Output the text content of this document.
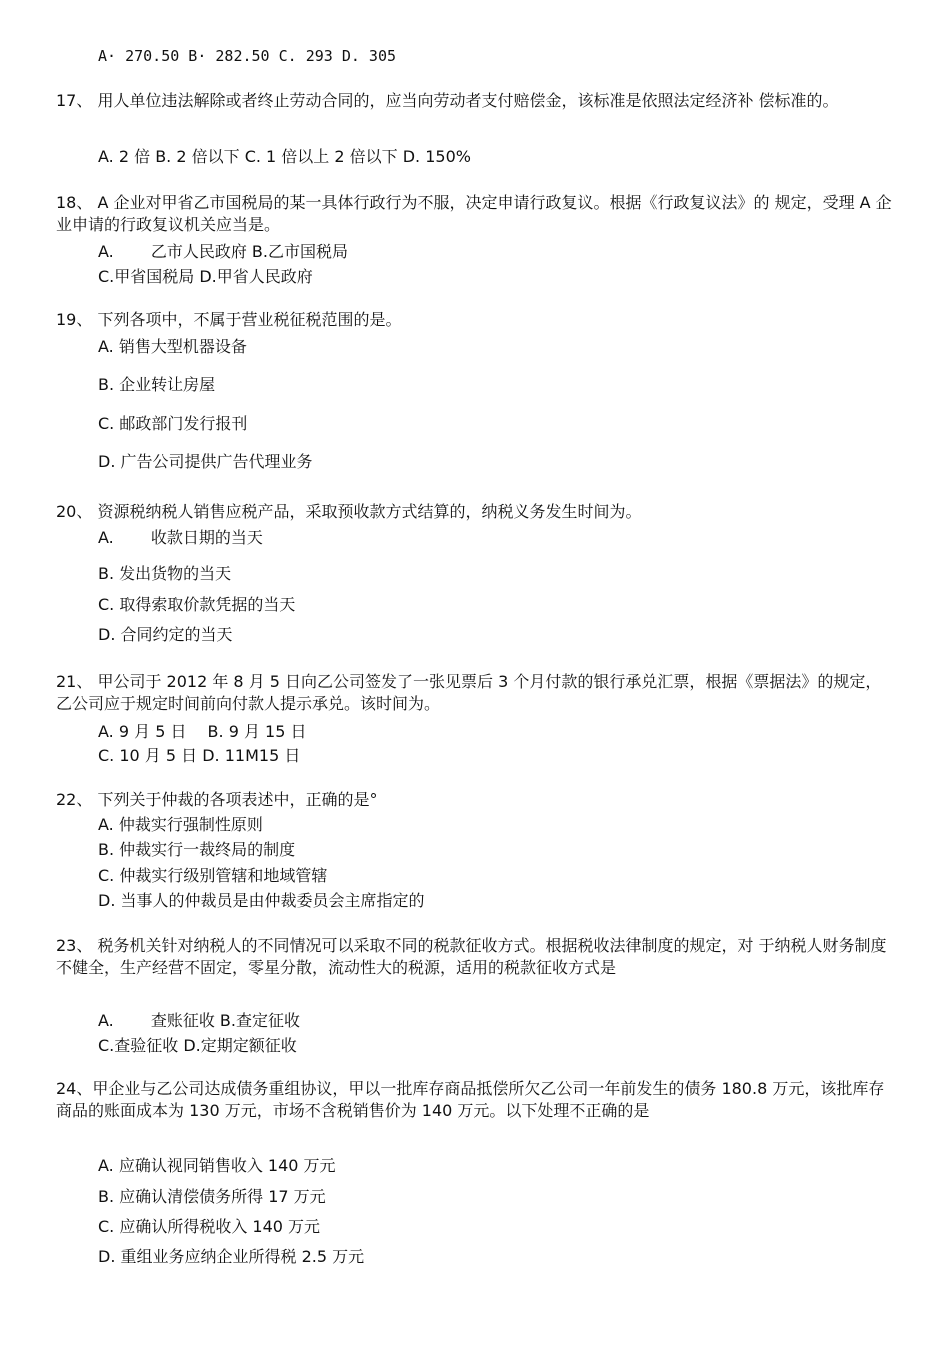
A· 270.50 B· 282.50 C. 293 D. 305
17、 用人单位违法解除或者终止劳动合同的，应当向劳动者支付赔偿金，该标准是依照法定经济补 偿标准的。
A. 2 倍 B. 2 倍以下 C. 1 倍以上 2 倍以下 D. 150%
18、 A 企业对甲省乙市国税局的某一具体行政行为不服，决定申请行政复议。根据《行政复议法》的 规定，受理 A 企业申请的行政复议机关应当是。
A.　　 乙市人民政府 B.乙市国税局
C.甲省国税局 D.甲省人民政府
19、 下列各项中，不属于营业税征税范围的是。
A. 销售大型机器设备
B. 企业转让房屋
C. 邮政部门发行报刊
D. 广告公司提供广告代理业务
20、 资源税纳税人销售应税产品，采取预收款方式结算的，纳税义务发生时间为。
A.　　 收款日期的当天
B. 发出货物的当天
C. 取得索取价款凭据的当天
D. 合同约定的当天
21、 甲公司于 2012 年 8 月 5 日向乙公司签发了一张见票后 3 个月付款的银行承兑汇票，根据《票据法》的规定，乙公司应于规定时间前向付款人提示承兑。该时间为。
A. 9 月 5 日　 B. 9 月 15 日
C. 10 月 5 日 D. 11M15 日
22、 下列关于仲裁的各项表述中，正确的是°
A. 仲裁实行强制性原则
B. 仲裁实行一裁终局的制度
C. 仲裁实行级别管辖和地域管辖
D. 当事人的仲裁员是由仲裁委员会主席指定的
23、 税务机关针对纳税人的不同情况可以采取不同的税款征收方式。根据税收法律制度的规定，对 于纳税人财务制度不健全，生产经营不固定，零星分散，流动性大的税源，适用的税款征收方式是
A.　　 查账征收 B.查定征收
C.查验征收 D.定期定额征收
24、甲企业与乙公司达成债务重组协议，甲以一批库存商品抵偿所欠乙公司一年前发生的债务 180.8 万元，该批库存商品的账面成本为 130 万元，市场不含税销售价为 140 万元。以下处理不正确的是
A. 应确认视同销售收入 140 万元
B. 应确认清偿债务所得 17 万元
C. 应确认所得税收入 140 万元
D. 重组业务应纳企业所得税 2.5 万元
